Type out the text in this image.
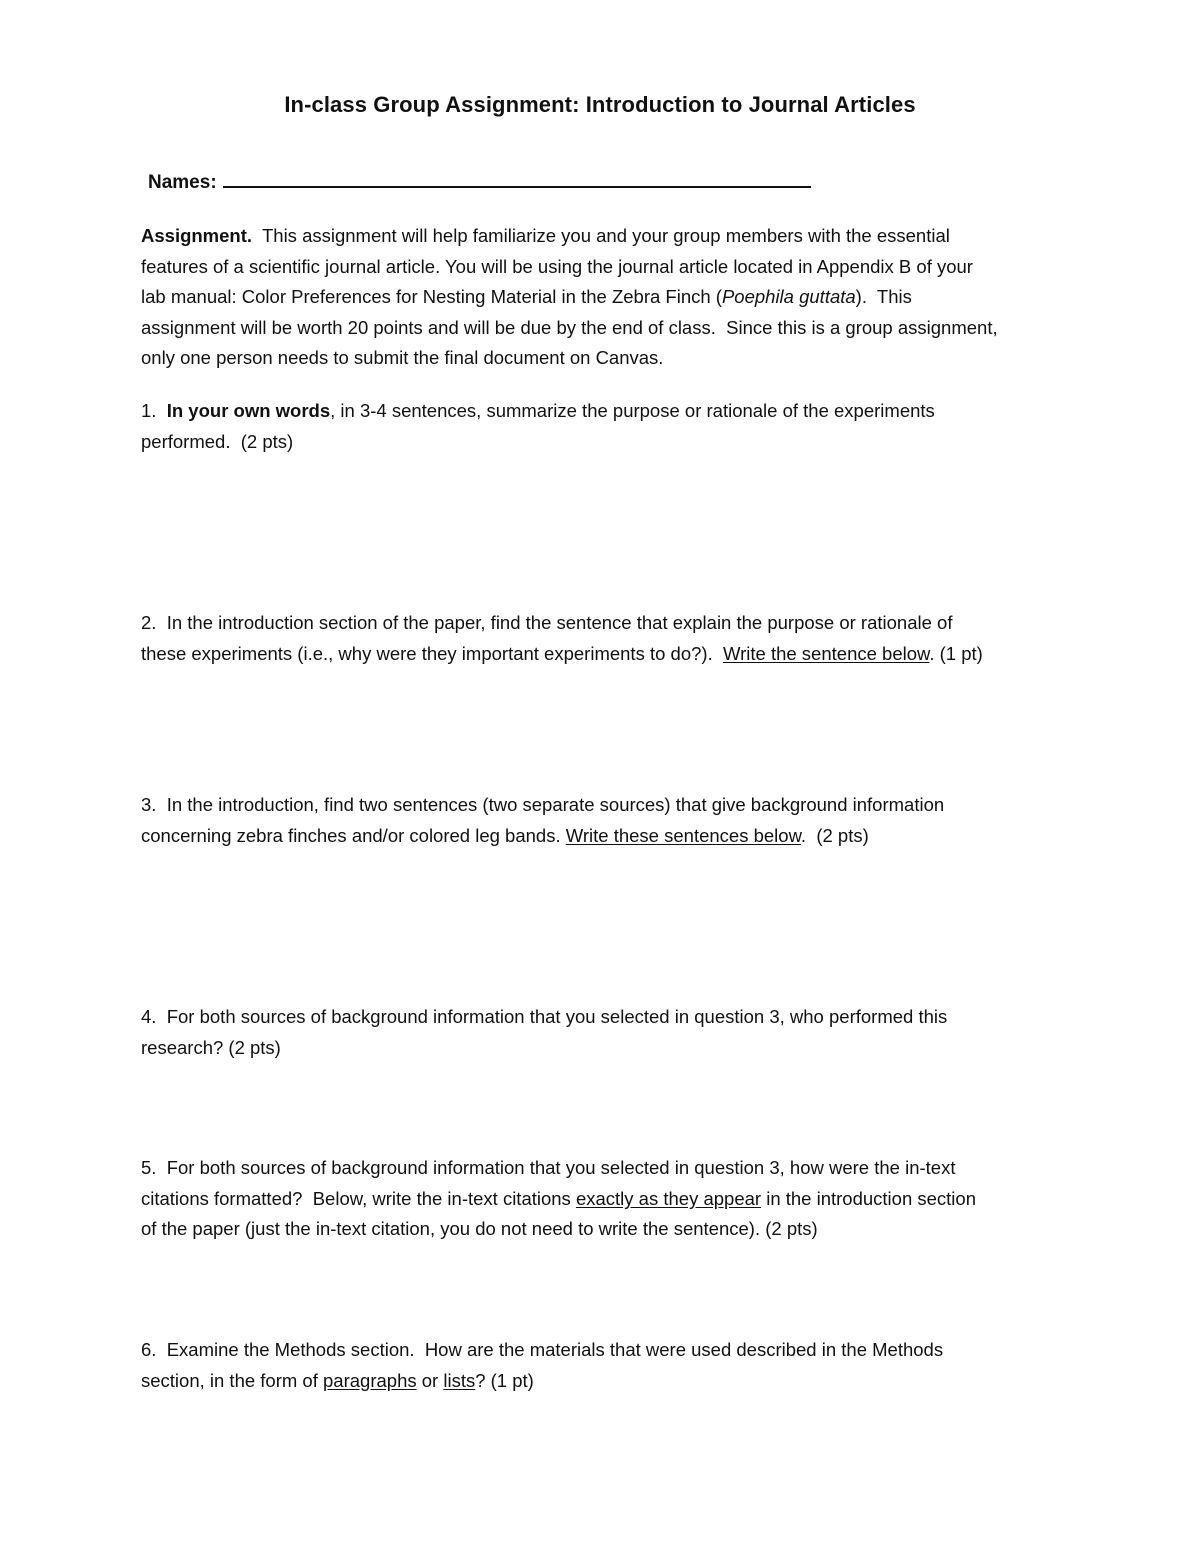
In-class Group Assignment: Introduction to Journal Articles
Names:

Assignment.  This assignment will help familiarize you and your group members with the essential
features of a scientific journal article. You will be using the journal article located in Appendix B of your
lab manual: Color Preferences for Nesting Material in the Zebra Finch (Poephila guttata).  This
assignment will be worth 20 points and will be due by the end of class.  Since this is a group assignment,
only one person needs to submit the final document on Canvas.

1.  In your own words, in 3-4 sentences, summarize the purpose or rationale of the experiments
performed.  (2 pts)

2.  In the introduction section of the paper, find the sentence that explain the purpose or rationale of
these experiments (i.e., why were they important experiments to do?).  Write the sentence below. (1 pt)

3.  In the introduction, find two sentences (two separate sources) that give background information
concerning zebra finches and/or colored leg bands. Write these sentences below.  (2 pts)

4.  For both sources of background information that you selected in question 3, who performed this
research? (2 pts)

5.  For both sources of background information that you selected in question 3, how were the in-text
citations formatted?  Below, write the in-text citations exactly as they appear in the introduction section
of the paper (just the in-text citation, you do not need to write the sentence). (2 pts)

6.  Examine the Methods section.  How are the materials that were used described in the Methods
section, in the form of paragraphs or lists? (1 pt)
